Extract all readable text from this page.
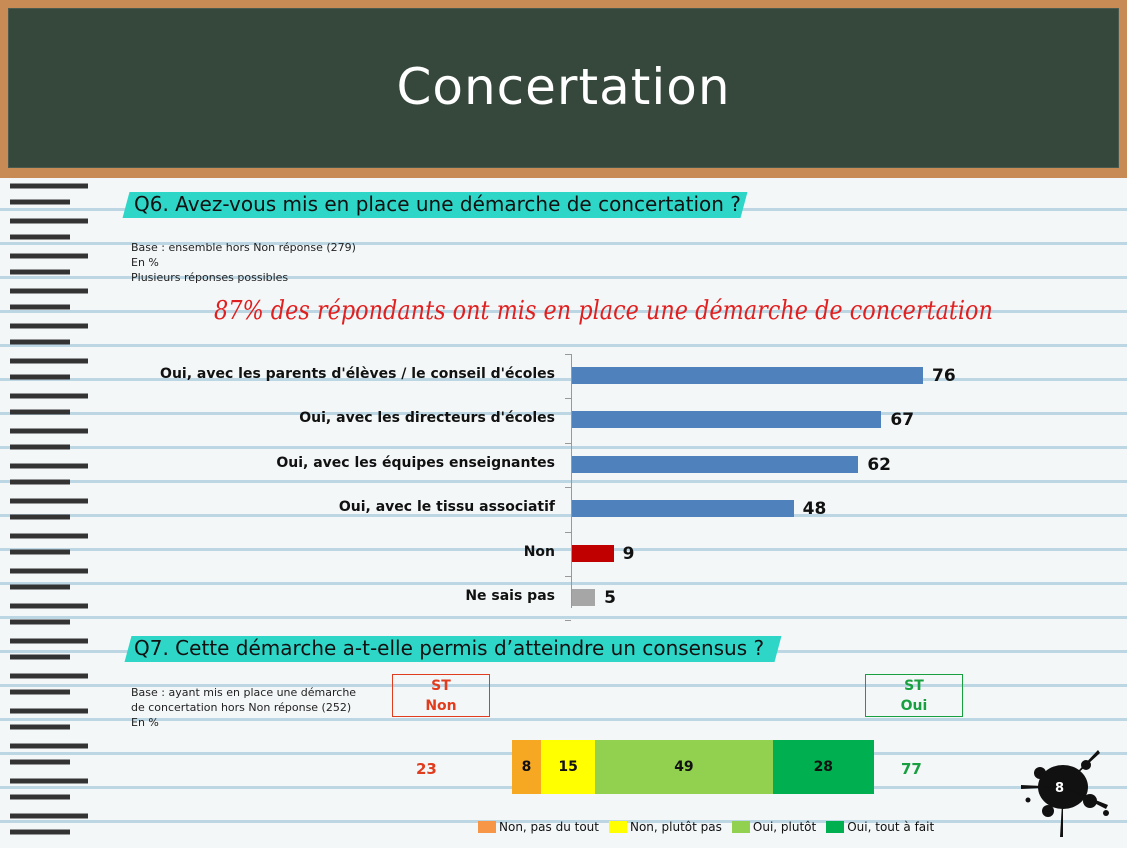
Concertation
Q6. Avez-vous mis en place une démarche de concertation ?
Base : ensemble hors Non réponse (279)
En %
Plusieurs réponses possibles
87% des répondants ont mis en place une démarche de concertation
Oui, avec les parents d'élèves / le conseil d'écoles	76
Oui, avec les directeurs d'écoles	67
Oui, avec les équipes enseignantes	62
Oui, avec le tissu associatif	48
Non	9
Ne sais pas	5
Q7. Cette démarche a-t-elle permis d’atteindre un consensus ?
Base : ayant mis en place une démarche
de concertation hors Non réponse (252)
En %
ST
Non
ST
Oui
23	77
8	15	49	28
Non, pas du tout	Non, plutôt pas	Oui, plutôt	Oui, tout à fait
8
